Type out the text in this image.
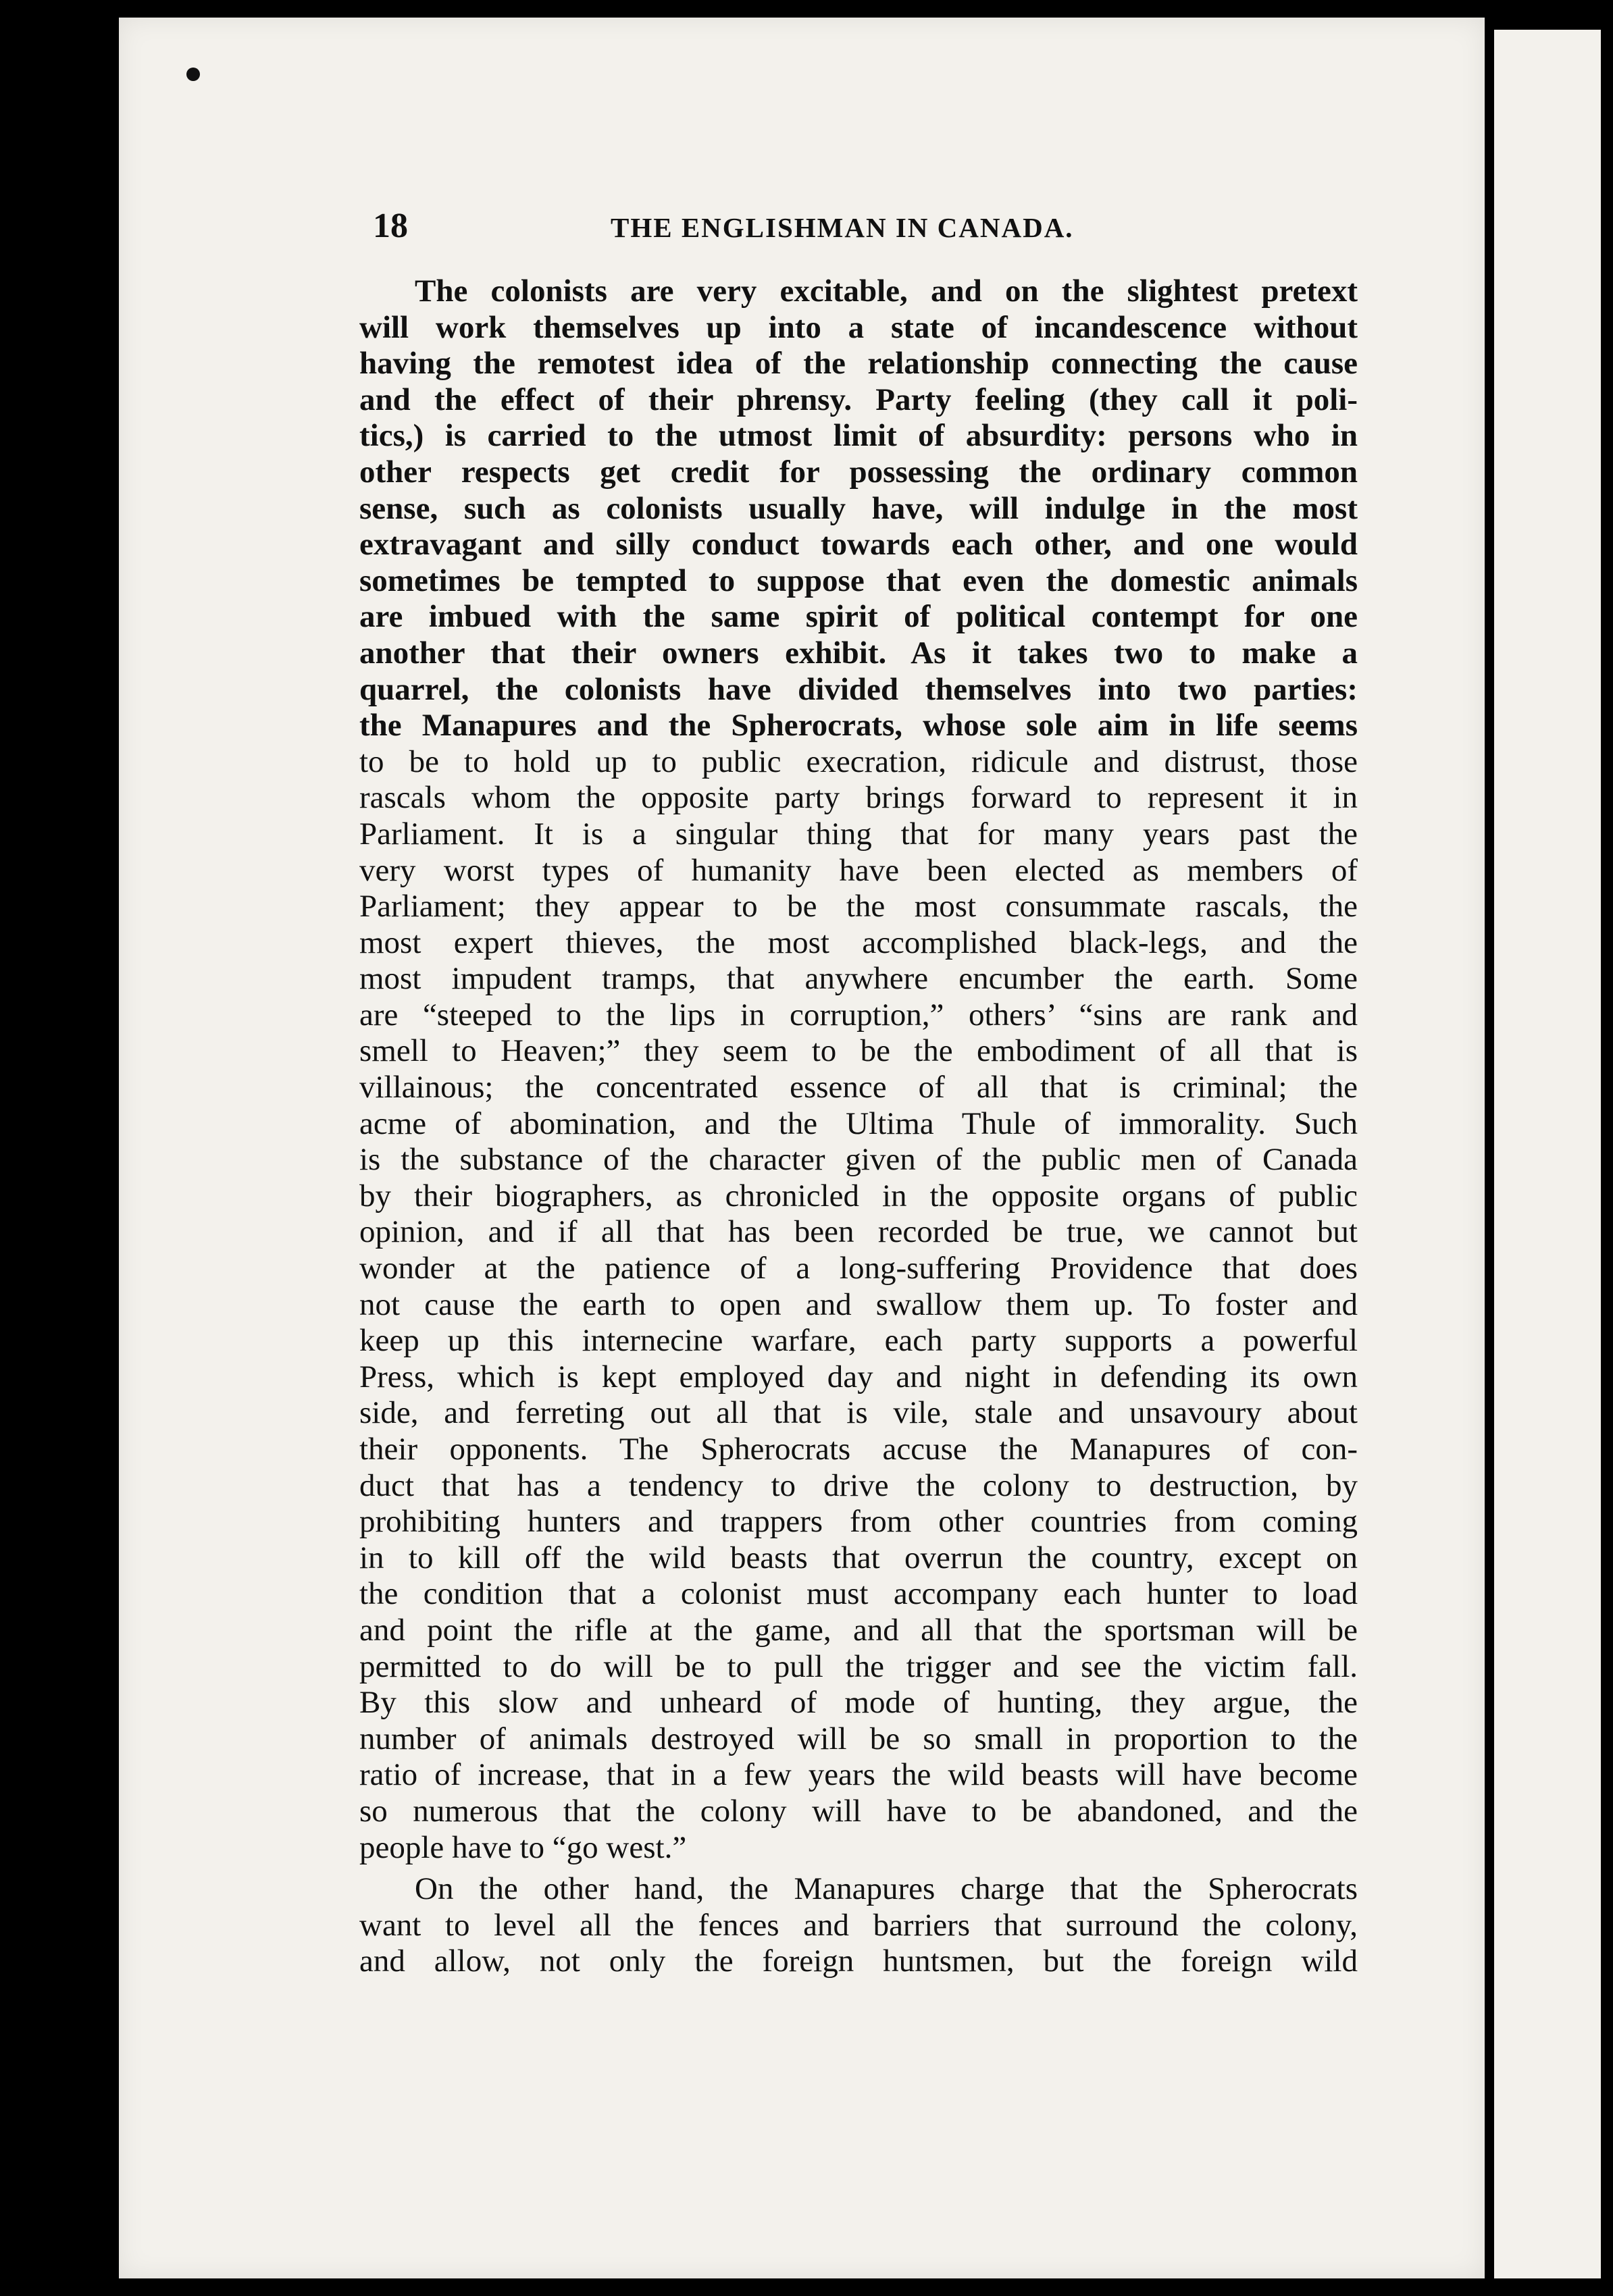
18	THE ENGLISHMAN IN CANADA.
The colonists are very excitable, and on the slightest pretext
will work themselves up into a state of incandescence without
having the remotest idea of the relationship connecting the cause
and the effect of their phrensy. Party feeling (they call it poli-
tics,) is carried to the utmost limit of absurdity: persons who in
other respects get credit for possessing the ordinary common
sense, such as colonists usually have, will indulge in the most
extravagant and silly conduct towards each other, and one would
sometimes be tempted to suppose that even the domestic animals
are imbued with the same spirit of political contempt for one
another that their owners exhibit. As it takes two to make a
quarrel, the colonists have divided themselves into two parties:
the Manapures and the Spherocrats, whose sole aim in life seems
to be to hold up to public execration, ridicule and distrust, those
rascals whom the opposite party brings forward to represent it in
Parliament. It is a singular thing that for many years past the
very worst types of humanity have been elected as members of
Parliament; they appear to be the most consummate rascals, the
most expert thieves, the most accomplished black-legs, and the
most impudent tramps, that anywhere encumber the earth. Some
are “steeped to the lips in corruption,” others’ “sins are rank and
smell to Heaven;” they seem to be the embodiment of all that is
villainous; the concentrated essence of all that is criminal; the
acme of abomination, and the Ultima Thule of immorality. Such
is the substance of the character given of the public men of Canada
by their biographers, as chronicled in the opposite organs of public
opinion, and if all that has been recorded be true, we cannot but
wonder at the patience of a long-suffering Providence that does
not cause the earth to open and swallow them up. To foster and
keep up this internecine warfare, each party supports a powerful
Press, which is kept employed day and night in defending its own
side, and ferreting out all that is vile, stale and unsavoury about
their opponents. The Spherocrats accuse the Manapures of con-
duct that has a tendency to drive the colony to destruction, by
prohibiting hunters and trappers from other countries from coming
in to kill off the wild beasts that overrun the country, except on
the condition that a colonist must accompany each hunter to load
and point the rifle at the game, and all that the sportsman will be
permitted to do will be to pull the trigger and see the victim fall.
By this slow and unheard of mode of hunting, they argue, the
number of animals destroyed will be so small in proportion to the
ratio of increase, that in a few years the wild beasts will have become
so numerous that the colony will have to be abandoned, and the
people have to “go west.”
On the other hand, the Manapures charge that the Spherocrats
want to level all the fences and barriers that surround the colony,
and allow, not only the foreign huntsmen, but the foreign wild
